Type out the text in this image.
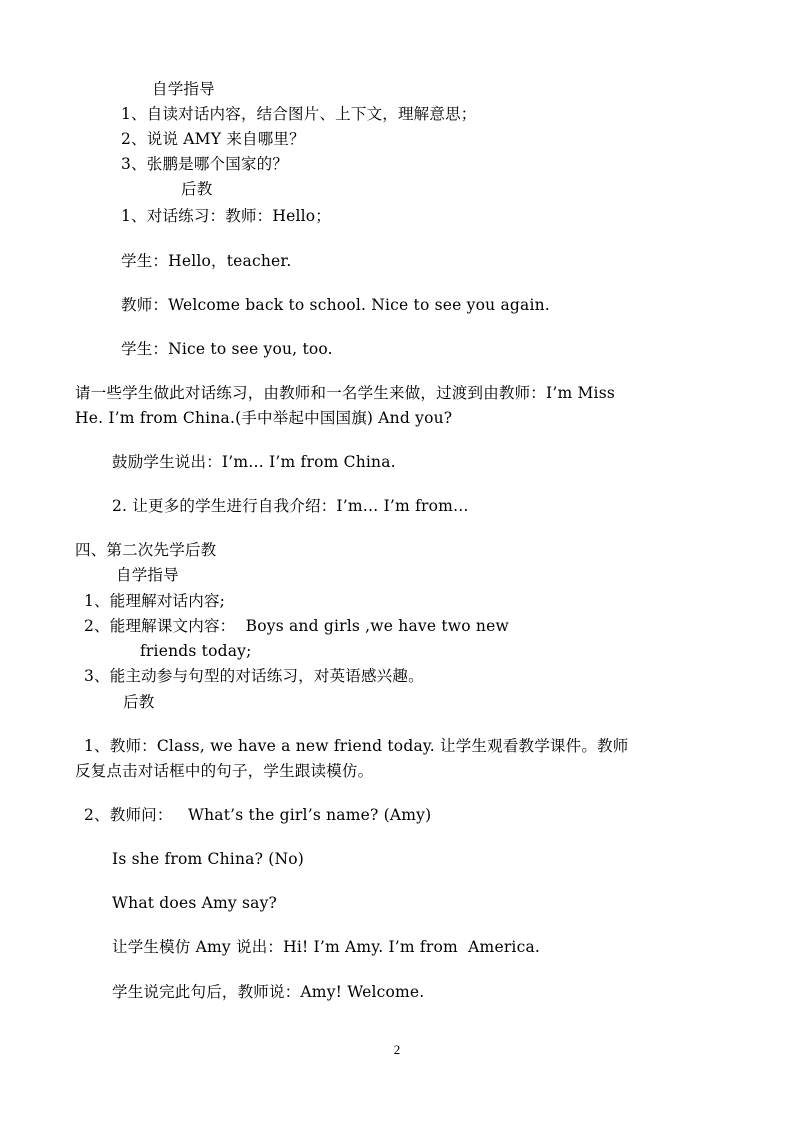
自学指导
1、自读对话内容，结合图片、上下文，理解意思；
2、说说 AMY 来自哪里？
3、张鹏是哪个国家的？
后教
1、对话练习：教师：Hello；
学生：Hello，teacher.
教师：Welcome back to school. Nice to see you again.
学生：Nice to see you, too.
请一些学生做此对话练习，由教师和一名学生来做，过渡到由教师：I’m Miss
He. I’m from China.(手中举起中国国旗) And you?
鼓励学生说出：I’m… I’m from China.
2. 让更多的学生进行自我介绍：I’m… I’m from…
四、第二次先学后教
自学指导
1、能理解对话内容;
2、能理解课文内容：  Boys and girls ,we have two new
friends today;
3、能主动参与句型的对话练习，对英语感兴趣。
后教
1、教师：Class, we have a new friend today. 让学生观看教学课件。教师
反复点击对话框中的句子，学生跟读模仿。
2、教师问：   What’s the girl’s name? (Amy)
Is she from China? (No)
What does Amy say?
让学生模仿 Amy 说出：Hi! I’m Amy. I’m from  America.
学生说完此句后，教师说：Amy! Welcome.
2
